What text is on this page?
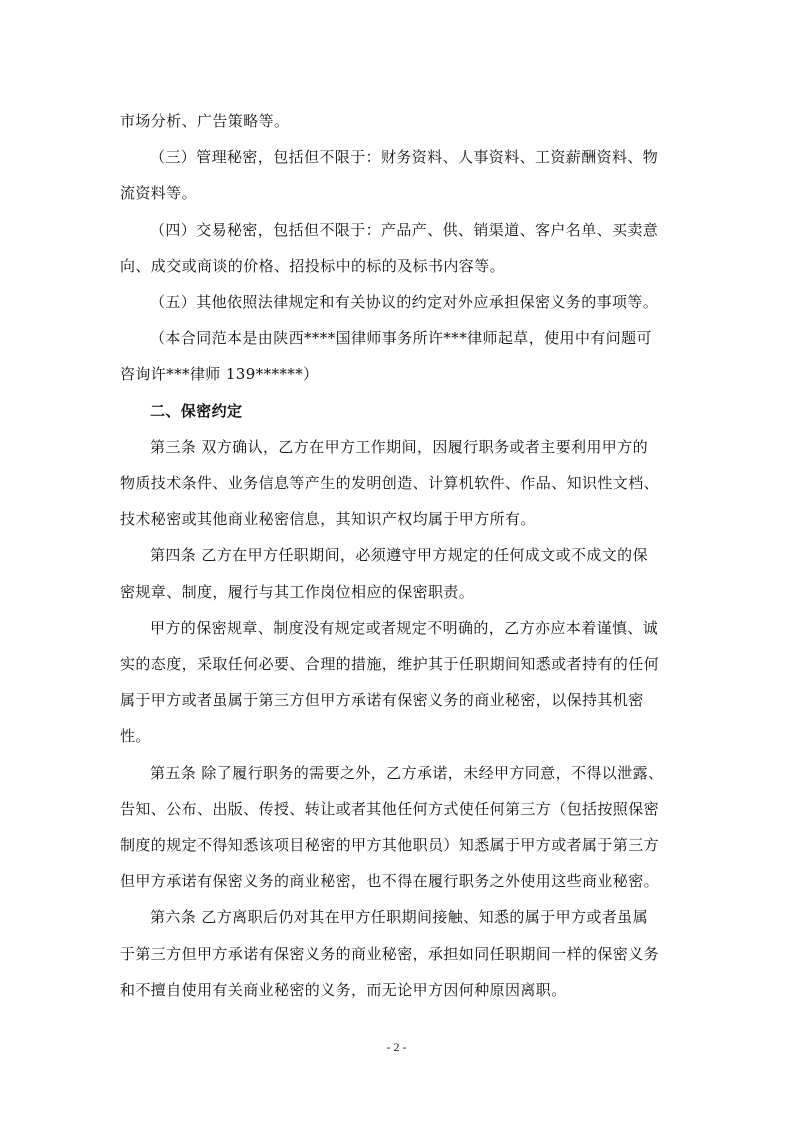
市场分析、广告策略等。
（三）管理秘密，包括但不限于：财务资料、人事资料、工资薪酬资料、物
流资料等。
（四）交易秘密，包括但不限于：产品产、供、销渠道、客户名单、买卖意
向、成交或商谈的价格、招投标中的标的及标书内容等。
（五）其他依照法律规定和有关协议的约定对外应承担保密义务的事项等。
（本合同范本是由陕西****国律师事务所许***律师起草，使用中有问题可
咨询许***律师 139******）
二、保密约定
第三条 双方确认，乙方在甲方工作期间，因履行职务或者主要利用甲方的
物质技术条件、业务信息等产生的发明创造、计算机软件、作品、知识性文档、
技术秘密或其他商业秘密信息，其知识产权均属于甲方所有。
第四条 乙方在甲方任职期间，必须遵守甲方规定的任何成文或不成文的保
密规章、制度，履行与其工作岗位相应的保密职责。
甲方的保密规章、制度没有规定或者规定不明确的，乙方亦应本着谨慎、诚
实的态度，采取任何必要、合理的措施，维护其于任职期间知悉或者持有的任何
属于甲方或者虽属于第三方但甲方承诺有保密义务的商业秘密，以保持其机密
性。
第五条 除了履行职务的需要之外，乙方承诺，未经甲方同意，不得以泄露、
告知、公布、出版、传授、转让或者其他任何方式使任何第三方（包括按照保密
制度的规定不得知悉该项目秘密的甲方其他职员）知悉属于甲方或者属于第三方
但甲方承诺有保密义务的商业秘密，也不得在履行职务之外使用这些商业秘密。
第六条 乙方离职后仍对其在甲方任职期间接触、知悉的属于甲方或者虽属
于第三方但甲方承诺有保密义务的商业秘密，承担如同任职期间一样的保密义务
和不擅自使用有关商业秘密的义务，而无论甲方因何种原因离职。
- 2 -
